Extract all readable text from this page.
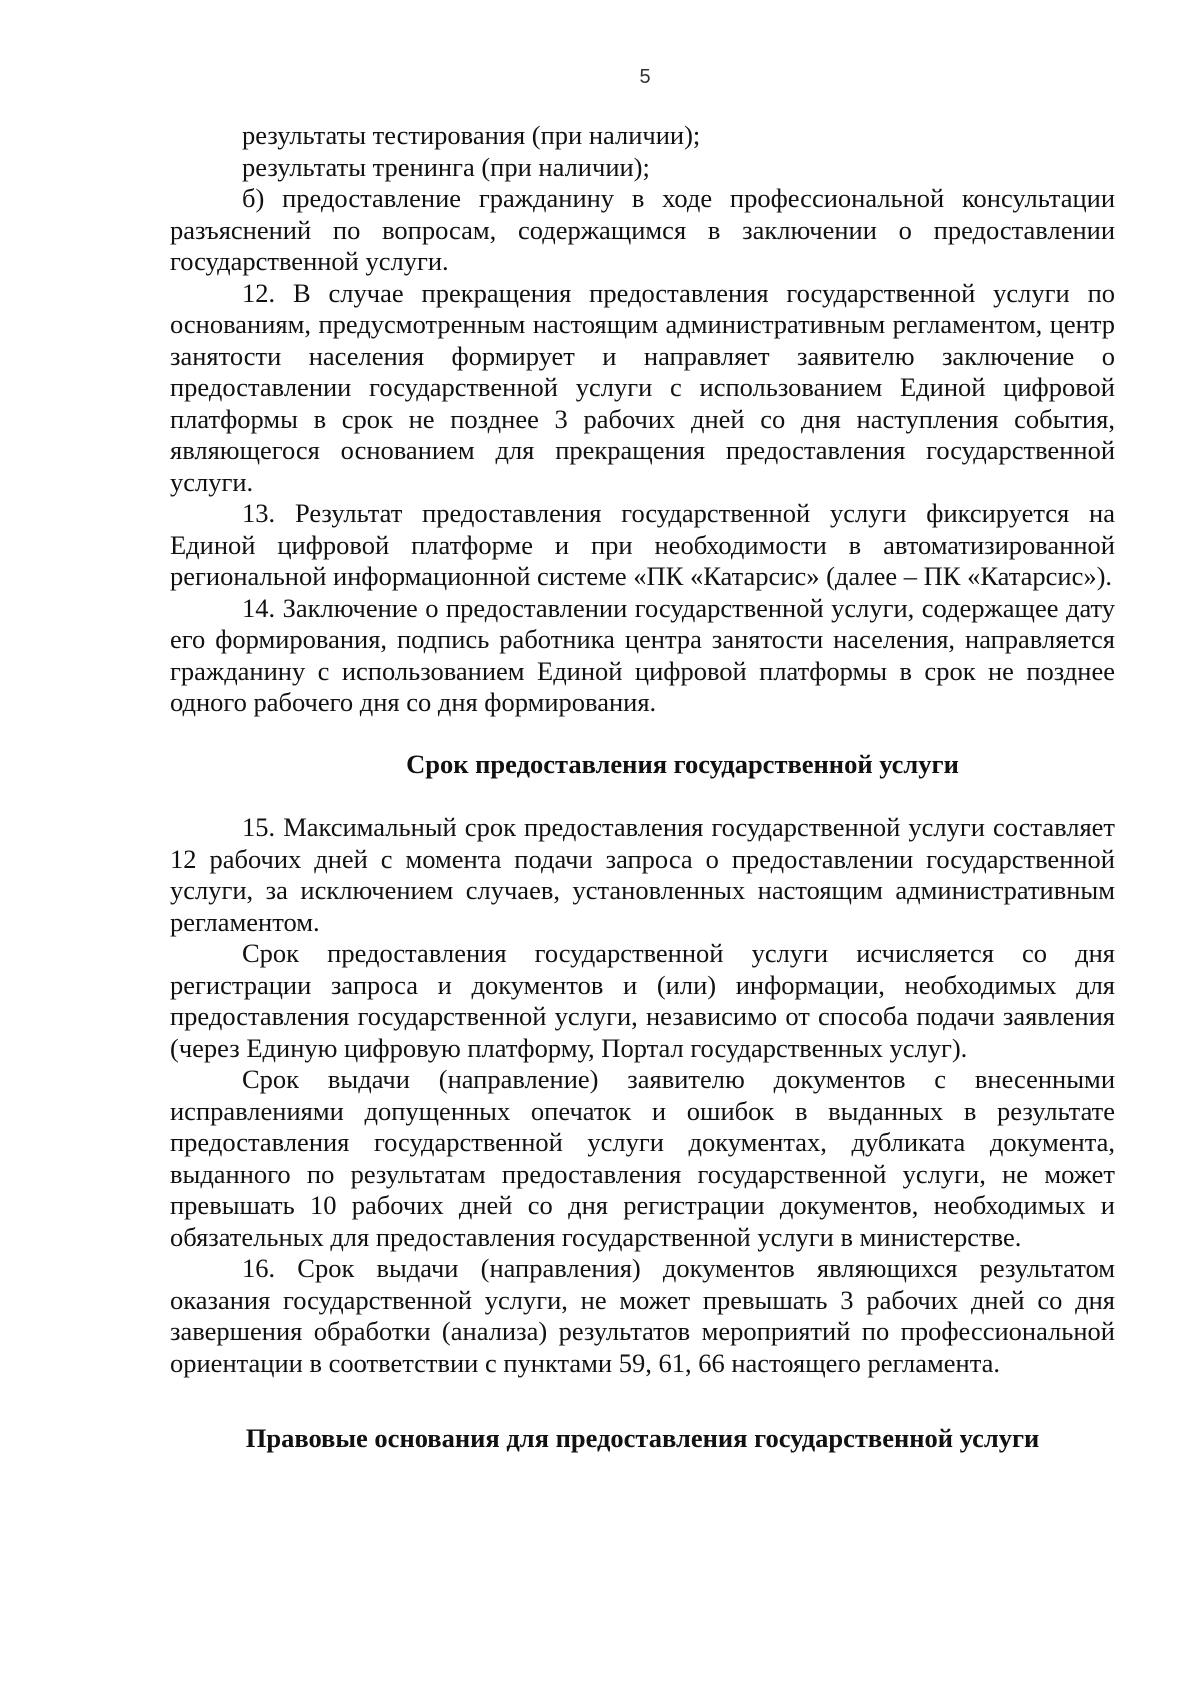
5

результаты тестирования (при наличии);

результаты тренинга (при наличии);

б) предоставление гражданину в ходе профессиональной консультации разъяснений по вопросам, содержащимся в заключении о предоставлении государственной услуги.

12. В случае прекращения предоставления государственной услуги по основаниям, предусмотренным настоящим административным регламентом, центр занятости населения формирует и направляет заявителю заключение о предоставлении государственной услуги с использованием Единой цифровой платформы в срок не позднее 3 рабочих дней со дня наступления события, являющегося основанием для прекращения предоставления государственной услуги.

13. Результат предоставления государственной услуги фиксируется на Единой цифровой платформе и при необходимости в автоматизированной региональной информационной системе «ПК «Катарсис» (далее – ПК «Катарсис»).

14. Заключение о предоставлении государственной услуги, содержащее дату его формирования, подпись работника центра занятости населения, направляется гражданину с использованием Единой цифровой платформы в срок не позднее одного рабочего дня со дня формирования.

Срок предоставления государственной услуги

15. Максимальный срок предоставления государственной услуги составляет 12 рабочих дней с момента подачи запроса о предоставлении государственной услуги, за исключением случаев, установленных настоящим административным регламентом.

Срок предоставления государственной услуги исчисляется со дня регистрации запроса и документов и (или) информации, необходимых для предоставления государственной услуги, независимо от способа подачи заявления (через Единую цифровую платформу, Портал государственных услуг).

Срок выдачи (направление) заявителю документов с внесенными исправлениями допущенных опечаток и ошибок в выданных в результате предоставления государственной услуги документах, дубликата документа, выданного по результатам предоставления государственной услуги, не может превышать 10 рабочих дней со дня регистрации документов, необходимых и обязательных для предоставления государственной услуги в министерстве.

16. Срок выдачи (направления) документов являющихся результатом оказания государственной услуги, не может превышать 3 рабочих дней со дня завершения обработки (анализа) результатов мероприятий по профессиональной ориентации в соответствии с пунктами 59, 61, 66 настоящего регламента.

Правовые основания для предоставления государственной услуги
